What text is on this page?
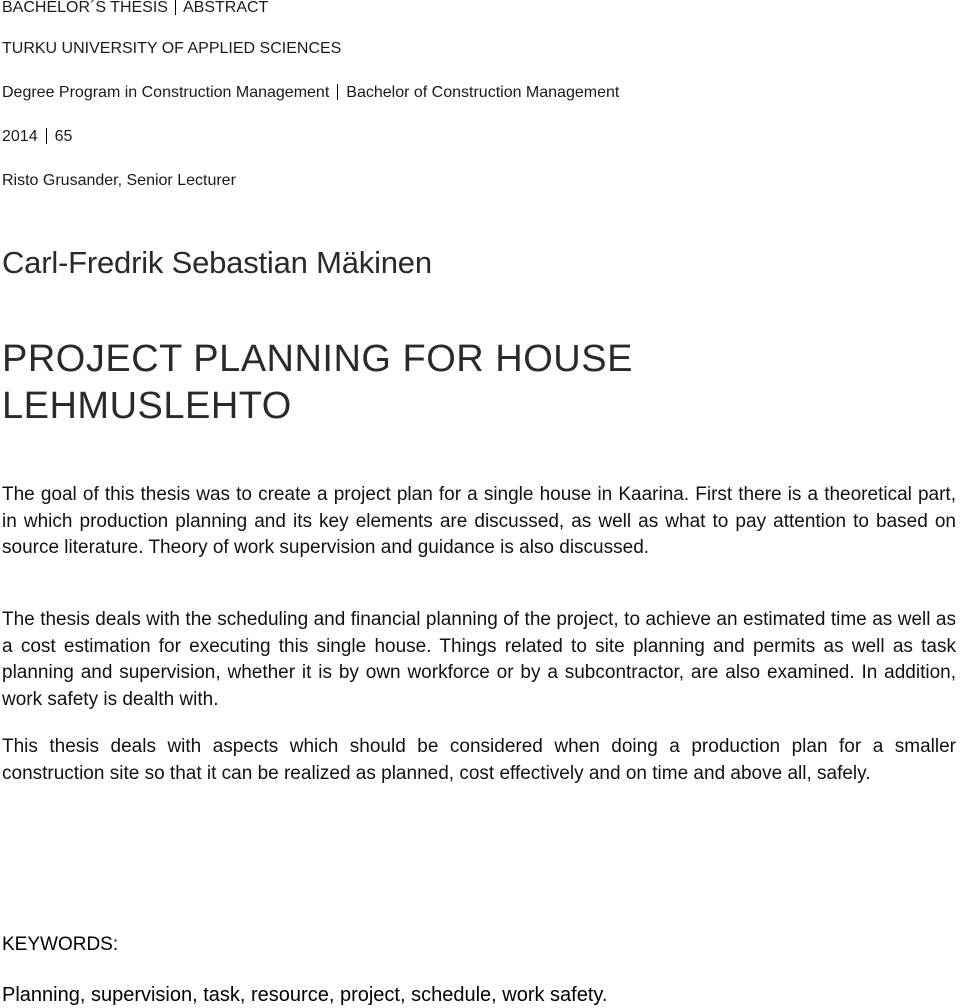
BACHELOR´S THESIS ABSTRACT
TURKU UNIVERSITY OF APPLIED SCIENCES
Degree Program in Construction Management Bachelor of Construction Management
2014 65
Risto Grusander, Senior Lecturer
Carl-Fredrik Sebastian Mäkinen
PROJECT PLANNING FOR HOUSE
LEHMUSLEHTO

The goal of this thesis was to create a project plan for a single house in Kaarina. First there is a theoretical part, in which production planning and its key elements are discussed, as well as what to pay attention to based on source literature. Theory of work supervision and guidance is also discussed.

The thesis deals with the scheduling and financial planning of the project, to achieve an estimated time as well as a cost estimation for executing this single house. Things related to site planning and permits as well as task planning and supervision, whether it is by own workforce or by a subcontractor, are also examined. In addition, work safety is dealth with.

This thesis deals with aspects which should be considered when doing a production plan for a smaller construction site so that it can be realized as planned, cost effectively and on time and above all, safely.

KEYWORDS:
Planning, supervision, task, resource, project, schedule, work safety.
